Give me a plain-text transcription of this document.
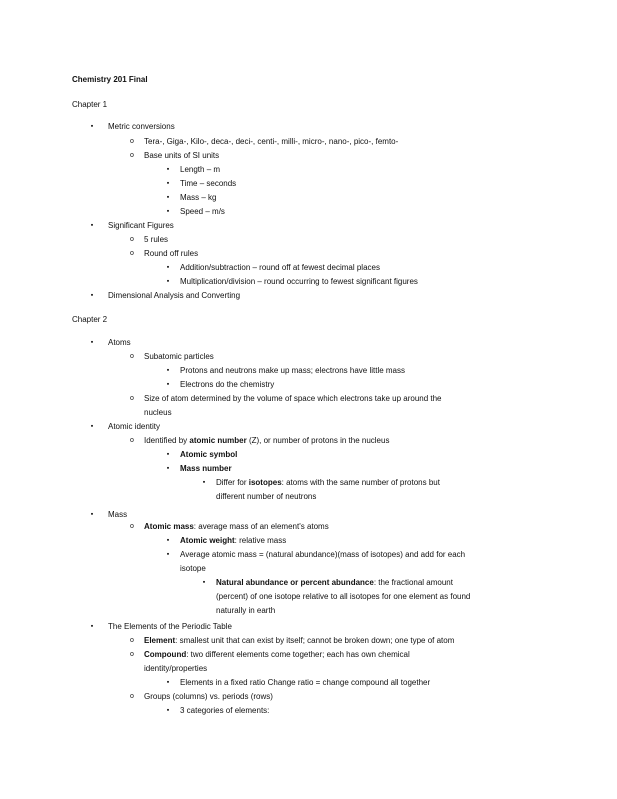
Chemistry 201 Final
Chapter 1
▪	Metric conversions
o Tera-, Giga-, Kilo-, deca-, deci-, centi-, milli-, micro-, nano-, pico-, femto-
o Base units of SI units
▪	Length – m
▪	Time – seconds
▪	Mass – kg
▪	Speed – m/s
▪	Significant Figures
o 5 rules
o Round off rules
▪	Addition/subtraction – round off at fewest decimal places
▪	Multiplication/division – round occurring to fewest significant figures
▪	Dimensional Analysis and Converting
Chapter 2
▪	Atoms
o Subatomic particles
▪	Protons and neutrons make up mass; electrons have little mass
▪	Electrons do the chemistry
o Size of atom determined by the volume of space which electrons take up around the
nucleus
▪	Atomic identity
o Identified by atomic number (Z), or number of protons in the nucleus
▪	Atomic symbol
▪	Mass number
▪	Differ for isotopes: atoms with the same number of protons but
different number of neutrons
▪	Mass
o Atomic mass: average mass of an element's atoms
▪	Atomic weight: relative mass
▪	Average atomic mass = (natural abundance)(mass of isotopes) and add for each
isotope
▪	Natural abundance or percent abundance: the fractional amount
(percent) of one isotope relative to all isotopes for one element as found
naturally in earth
▪	The Elements of the Periodic Table
o Element: smallest unit that can exist by itself; cannot be broken down; one type of atom
o Compound: two different elements come together; each has own chemical
identity/properties
▪	Elements in a fixed ratio Change ratio = change compound all together
o Groups (columns) vs. periods (rows)
▪	3 categories of elements:
